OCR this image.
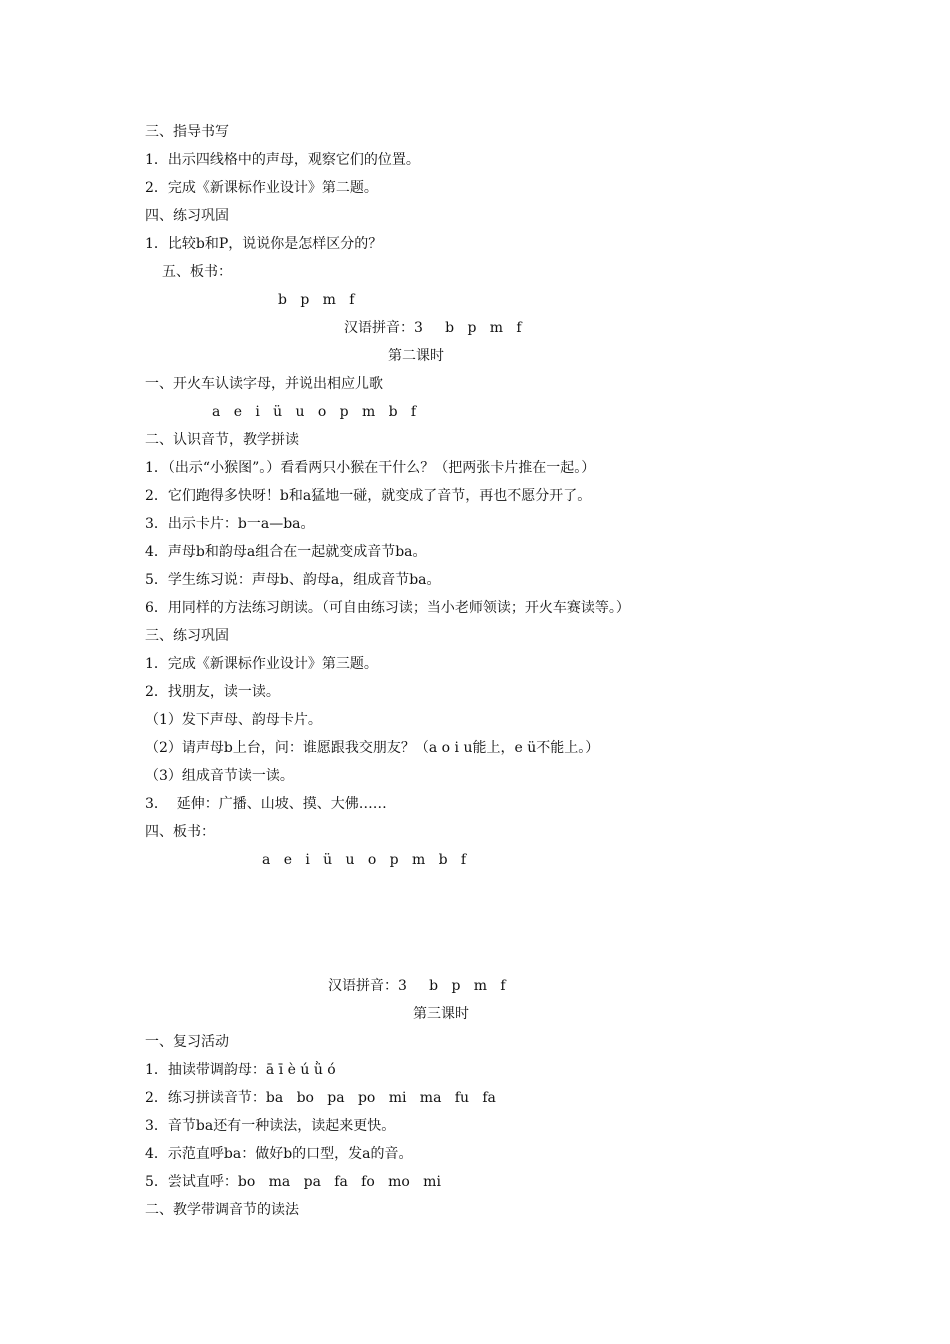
三、指导书写

1．出示四线格中的声母，观察它们的位置。

2．完成《新课标作业设计》第二题。

四、练习巩固

1．比较b和P，说说你是怎样区分的？

五、板书：

b   p   m   f

汉语拼音：3     b   p   m   f

第二课时

一、开火车认读字母，并说出相应儿歌

a   e   i   ü   u   o   p   m   b   f

二、认识音节，教学拼读

1．（出示“小猴图”。）看看两只小猴在干什么？（把两张卡片推在一起。）

2．它们跑得多快呀！b和a猛地一碰，就变成了音节，再也不愿分开了。

3．出示卡片：b一a—ba。

4．声母b和韵母a组合在一起就变成音节ba。

5．学生练习说：声母b、韵母a，组成音节ba。

6．用同样的方法练习朗读。（可自由练习读；当小老师领读；开火车赛读等。）

三、练习巩固

1．完成《新课标作业设计》第三题。

2．找朋友，读一读。

（1）发下声母、韵母卡片。

（2）请声母b上台，问：谁愿跟我交朋友？（a o i u能上，e ü不能上。）

（3）组成音节读一读。

3．  延伸：广播、山坡、摸、大佛……

四、板书：

a   e   i   ü   u   o   p   m   b   f

汉语拼音：3     b   p   m   f

第三课时

一、复习活动

1．抽读带调韵母：ā ī è ú ǜ ó

2．练习拼读音节：ba   bo   pa   po   mi   ma   fu   fa

3．音节ba还有一种读法，读起来更快。

4．示范直呼ba：做好b的口型，发a的音。

5．尝试直呼：bo   ma   pa   fa   fo   mo   mi

二、教学带调音节的读法
